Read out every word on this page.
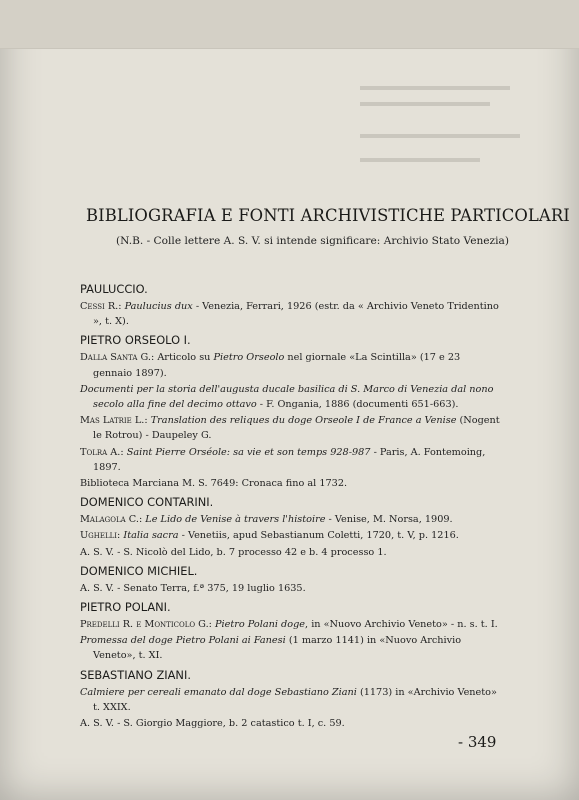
BIBLIOGRAFIA E FONTI ARCHIVISTICHE PARTICOLARI
(N.B. - Colle lettere A. S. V. si intende significare: Archivio Stato Venezia)
PAULUCCIO.
Cessi R.: Paulucius dux - Venezia, Ferrari, 1926 (estr. da « Archivio Veneto Tridentino », t. X).
PIETRO ORSEOLO I.
Dalla Santa G.: Articolo su Pietro Orseolo nel giornale «La Scintilla» (17 e 23 gennaio 1897).
Documenti per la storia dell'augusta ducale basilica di S. Marco di Venezia dal nono secolo alla fine del decimo ottavo - F. Ongania, 1886 (documenti 651-663).
Mas Latrie L.: Translation des reliques du doge Orseole I de France a Venise (Nogent le Rotrou) - Daupeley G.
Tolra A.: Saint Pierre Orséole: sa vie et son temps 928-987 - Paris, A. Fontemoing, 1897.
Biblioteca Marciana M. S. 7649: Cronaca fino al 1732.
DOMENICO CONTARINI.
Malagola C.: Le Lido de Venise à travers l'histoire - Venise, M. Norsa, 1909.
Ughelli: Italia sacra - Venetiis, apud Sebastianum Coletti, 1720, t. V, p. 1216.
A. S. V. - S. Nicolò del Lido, b. 7 processo 42 e b. 4 processo 1.
DOMENICO MICHIEL.
A. S. V. - Senato Terra, f.ª 375, 19 luglio 1635.
PIETRO POLANI.
Predelli R. e Monticolo G.: Pietro Polani doge, in «Nuovo Archivio Veneto» - n. s. t. I.
Promessa del doge Pietro Polani ai Fanesi (1 marzo 1141) in «Nuovo Archivio Veneto», t. XI.
SEBASTIANO ZIANI.
Calmiere per cereali emanato dal doge Sebastiano Ziani (1173) in «Archivio Veneto» t. XXIX.
A. S. V. - S. Giorgio Maggiore, b. 2 catastico t. I, c. 59.
- 349
